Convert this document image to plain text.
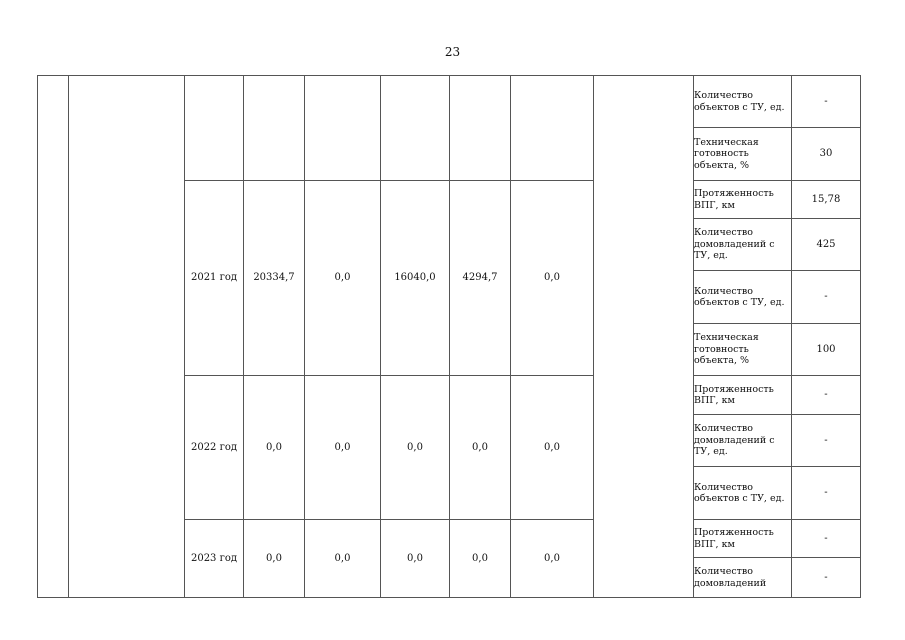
23
									Количество объектов с ТУ, ед.	-
									Техническая готовность объекта, %	30
		2021 год	20334,7	0,0	16040,0	4294,7	0,0		Протяженность ВПГ, км	15,78
									Количество домовладений с ТУ, ед.	425
									Количество объектов с ТУ, ед.	-
									Техническая готовность объекта, %	100
		2022 год	0,0	0,0	0,0	0,0	0,0		Протяженность ВПГ, км	-
									Количество домовладений с ТУ, ед.	-
									Количество объектов с ТУ, ед.	-
		2023 год	0,0	0,0	0,0	0,0	0,0		Протяженность ВПГ, км	-
									Количество домовладений	-
